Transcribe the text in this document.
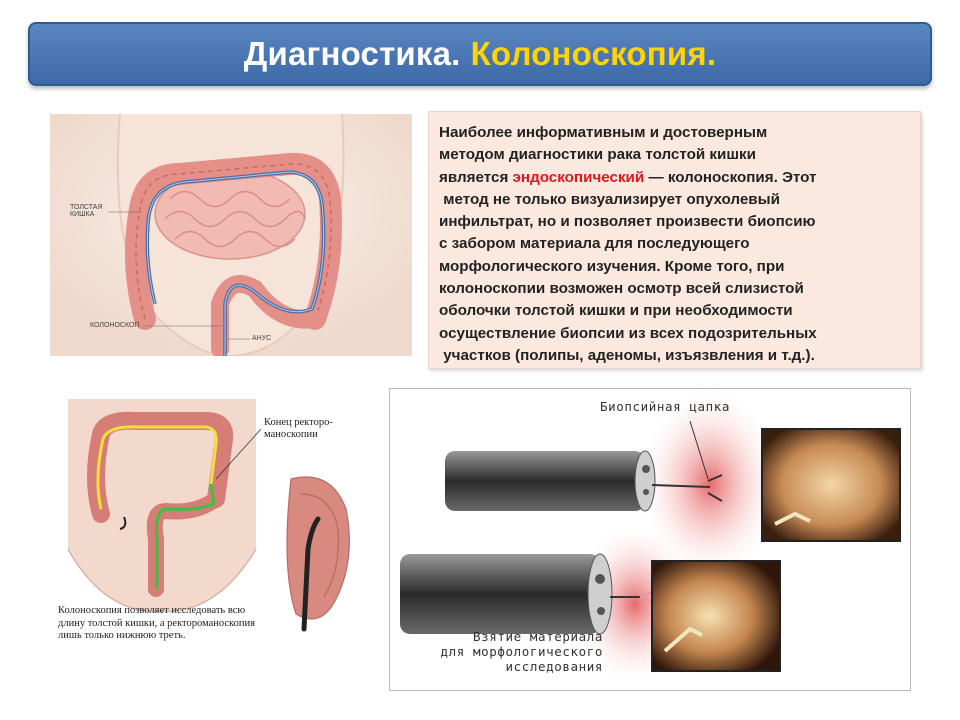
Диагностика. Колоноскопия.
Наиболее информативным и достоверным
методом диагностики рака толстой кишки
является эндоскопический — колоноскопия. Этот
метод не только визуализирует опухолевый
инфильтрат, но и позволяет произвести биопсию
с забором материала для последующего
морфологического изучения. Кроме того, при
колоноскопии возможен осмотр всей слизистой
оболочки толстой кишки и при необходимости
осуществление биопсии из всех подозрительных
участков (полипы, аденомы, изъязвления и т.д.).
ТОЛСТАЯ
КИШКА
КОЛОНОСКОП
АНУС
Конец ректоро-
маноскопии
Колоноскопия позволяет исследовать всю
длину толстой кишки, а ректороманоскопия
лишь только нижнюю треть.
Биопсийная цапка
Взятие материала
для морфологического
исследования
